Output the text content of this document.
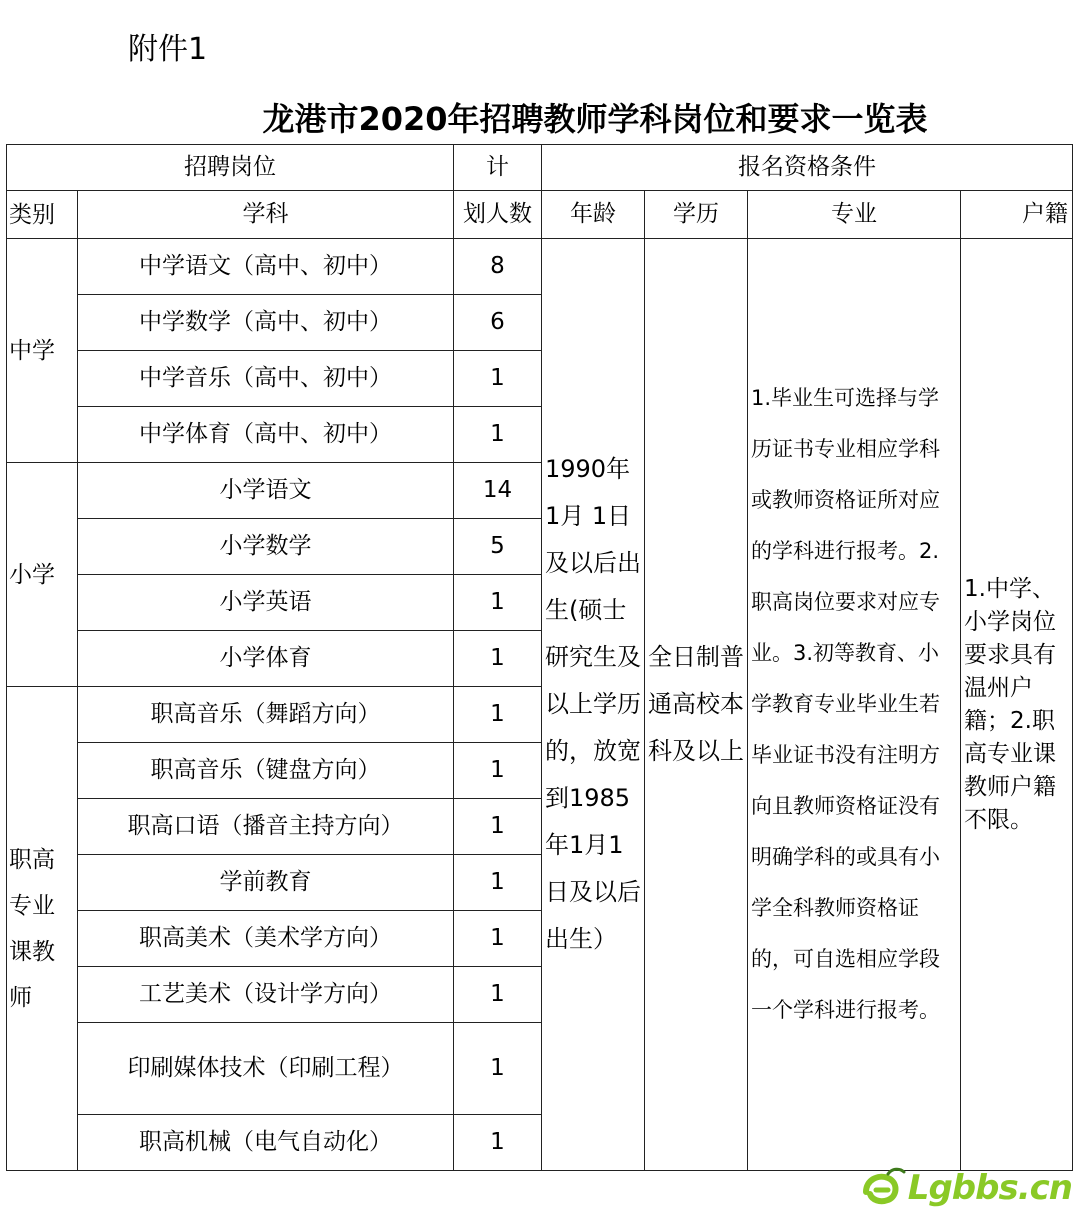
附件1
龙港市2020年招聘教师学科岗位和要求一览表
招聘岗位		计	报名资格条件			
类别	学科	划人数	年龄	学历	专业	户籍
中学	中学语文（高中、初中）	8	1990年1月 1日及以后出生(硕士研究生及以上学历的，放宽到1985年1月1日及以后出生）	全日制普通高校本科及以上	1.毕业生可选择与学历证书专业相应学科或教师资格证所对应的学科进行报考。2.职高岗位要求对应专业。3.初等教育、小学教育专业毕业生若毕业证书没有注明方向且教师资格证没有明确学科的或具有小学全科教师资格证的，可自选相应学段一个学科进行报考。	1.中学、小学岗位要求具有温州户籍；2.职高专业课教师户籍不限。
	中学数学（高中、初中）	6				
	中学音乐（高中、初中）	1				
	中学体育（高中、初中）	1				
小学	小学语文	14				
	小学数学	5				
	小学英语	1				
	小学体育	1				
职高专业课教师	职高音乐（舞蹈方向）	1				
	职高音乐（键盘方向）	1				
	职高口语（播音主持方向）	1				
	学前教育	1				
	职高美术（美术学方向）	1				
	工艺美术（设计学方向）	1				
	印刷媒体技术（印刷工程）	1				
	职高机械（电气自动化）	1				
Lgbbs.cn
